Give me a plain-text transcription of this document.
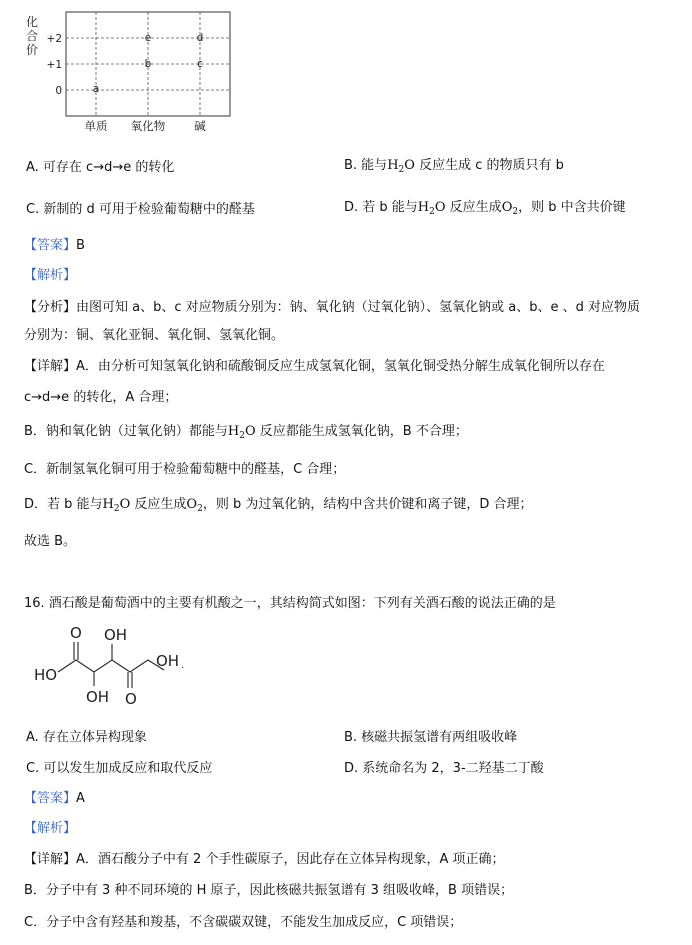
化
合
价
+2
+1
0	a
b	c
d
e
单质 氧化物	碱
A. 可存在 c→d→e 的转化	B. 能与$H_2O$ 反应生成 c 的物质只有 b
C. 新制的 d 可用于检验葡萄糖中的醛基	D. 若 b 能与$H_2O$ 反应生成$O_2$，则 b 中含共价键
【答案】B
【解析】
【分析】由图可知 a、b、c 对应物质分别为：钠、氧化钠（过氧化钠）、氢氧化钠或 a、b、e 、d 对应物质
分别为：铜、氧化亚铜、氧化铜、氢氧化铜。
【详解】A．由分析可知氢氧化钠和硫酸铜反应生成氢氧化铜，氢氧化铜受热分解生成氧化铜所以存在
c→d→e 的转化，A 合理；
B．钠和氧化钠（过氧化钠）都能与$H_2O$ 反应都能生成氢氧化钠，B 不合理；
C．新制氢氧化铜可用于检验葡萄糖中的醛基，C 合理；
D．若 b 能与$H_2O$ 反应生成$O_2$，则 b 为过氧化钠，结构中含共价键和离子键，D 合理；
故选 B。
16. 酒石酸是葡萄酒中的主要有机酸之一，其结构简式如图：下列有关酒石酸的说法正确的是
O OH
OH
HO
OH O
.
A. 存在立体异构现象	B. 核磁共振氢谱有两组吸收峰
C. 可以发生加成反应和取代反应	D. 系统命名为 2，3-二羟基二丁酸
【答案】A
【解析】
【详解】A．酒石酸分子中有 2 个手性碳原子，因此存在立体异构现象，A 项正确；
B．分子中有 3 种不同环境的 H 原子，因此核磁共振氢谱有 3 组吸收峰，B 项错误；
C．分子中含有羟基和羧基，不含碳碳双键，不能发生加成反应，C 项错误；
